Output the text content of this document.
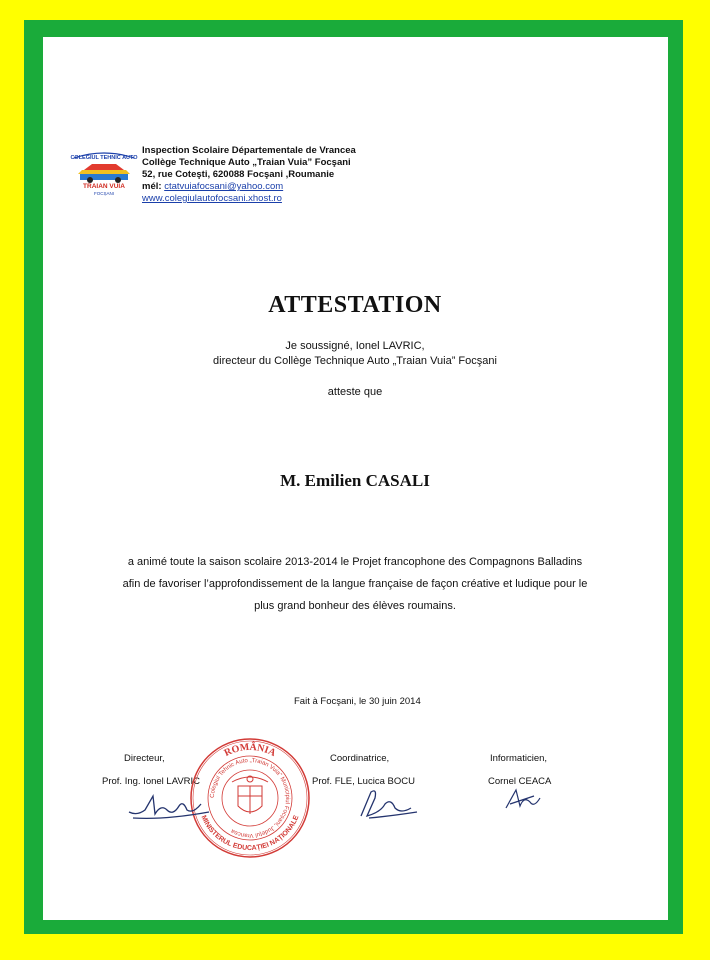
COLEGIUL TEHNIC AUTO
TRAIAN VUIA
FOCȘANI
Inspection Scolaire Départementale de Vrancea
Collège Technique Auto „Traian Vuia” Focşani
52, rue Coteşti, 620088 Focşani ,Roumanie
mél: ctatvuiafocsani@yahoo.com
www.colegiulautofocsani.xhost.ro
ATTESTATION
Je soussigné, Ionel LAVRIC,
directeur du Collège Technique Auto „Traian Vuia” Focşani
atteste que
M. Emilien CASALI
a animé toute la saison scolaire 2013-2014 le Projet francophone des Compagnons Balladins
afin de favoriser l’approfondissement de la langue française de façon créative et ludique pour le
plus grand bonheur des élèves roumains.
Fait à Focşani, le 30 juin 2014
Directeur,
Prof. Ing. Ionel LAVRIC
Coordinatrice,
Prof. FLE, Lucica BOCU
Informaticien,
Cornel CEACA
ROMÂNIA
Colegiul Tehnic Auto „Traian Vuia” Municipiul Focșani, Județul Vrancea
MINISTERUL EDUCAȚIEI NAȚIONALE
